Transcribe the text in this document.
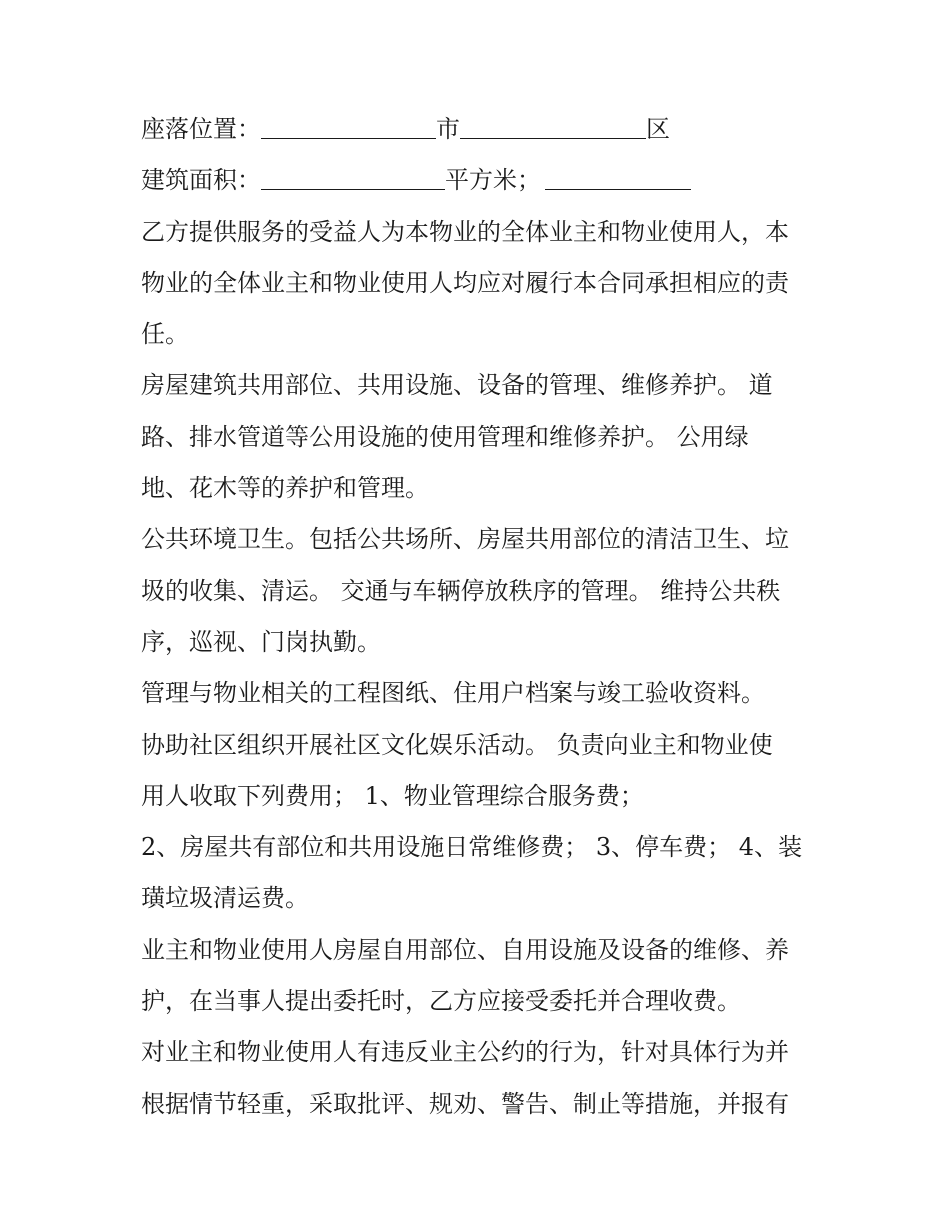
座落位置：	市	区
建筑面积：	平方米；
乙方提供服务的受益人为本物业的全体业主和物业使用人，本
物业的全体业主和物业使用人均应对履行本合同承担相应的责
任。
房屋建筑共用部位、共用设施、设备的管理、维修养护。 道
路、排水管道等公用设施的使用管理和维修养护。 公用绿
地、花木等的养护和管理。
公共环境卫生。包括公共场所、房屋共用部位的清洁卫生、垃
圾的收集、清运。 交通与车辆停放秩序的管理。 维持公共秩
序，巡视、门岗执勤。
管理与物业相关的工程图纸、住用户档案与竣工验收资料。
协助社区组织开展社区文化娱乐活动。 负责向业主和物业使
用人收取下列费用； 1、物业管理综合服务费；
2、房屋共有部位和共用设施日常维修费； 3、停车费； 4、装
璜垃圾清运费。
业主和物业使用人房屋自用部位、自用设施及设备的维修、养
护，在当事人提出委托时，乙方应接受委托并合理收费。
对业主和物业使用人有违反业主公约的行为，针对具体行为并
根据情节轻重，采取批评、规劝、警告、制止等措施，并报有
